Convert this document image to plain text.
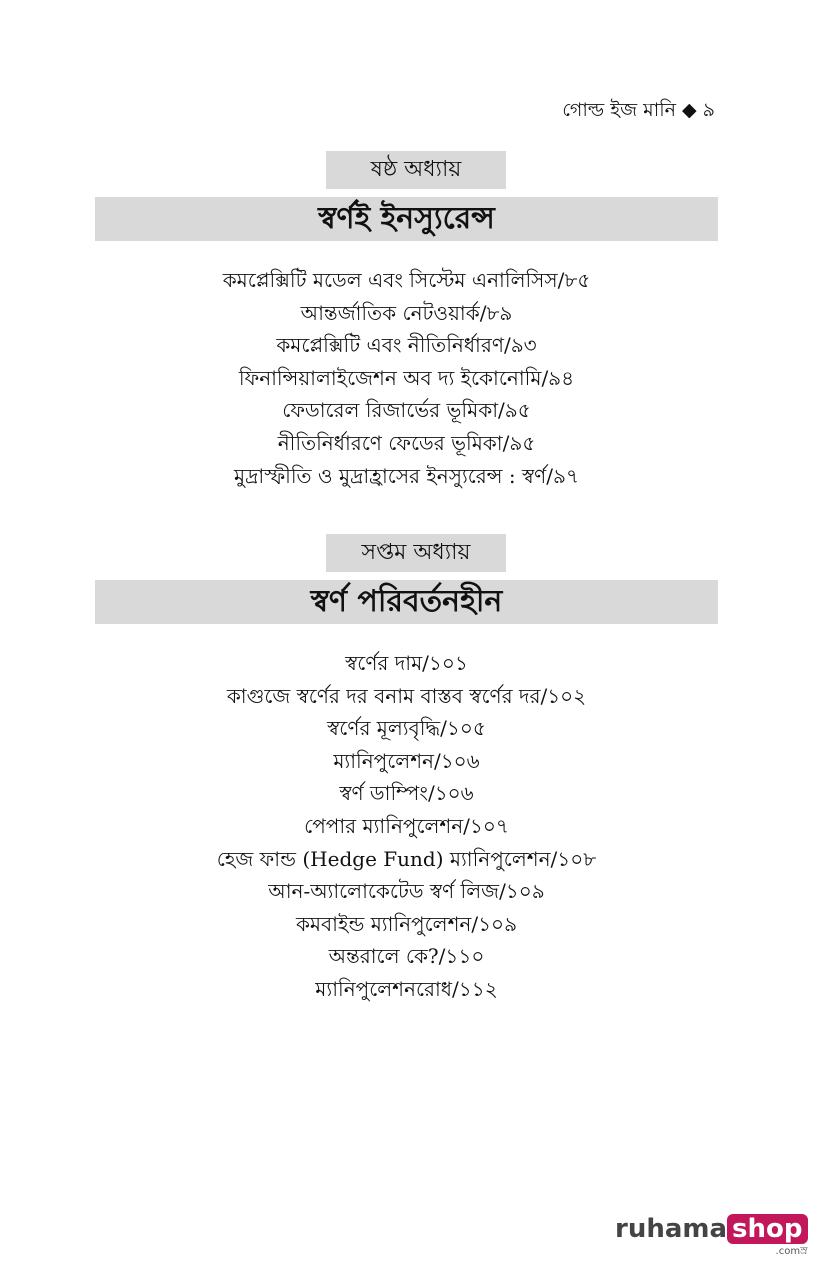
গোল্ড ইজ মানি ◆ ৯
ষষ্ঠ অধ্যায়
স্বর্ণই ইনস্যুরেন্স
কমপ্লেক্সিটি মডেল এবং সিস্টেম এনালিসিস/৮৫
আন্তর্জাতিক নেটওয়ার্ক/৮৯
কমপ্লেক্সিটি এবং নীতিনির্ধারণ/৯৩
ফিনান্সিয়ালাইজেশন অব দ্য ইকোনোমি/৯৪
ফেডারেল রিজার্ভের ভূমিকা/৯৫
নীতিনির্ধারণে ফেডের ভূমিকা/৯৫
মুদ্রাস্ফীতি ও মুদ্রাহ্রাসের ইনস্যুরেন্স : স্বর্ণ/৯৭
সপ্তম অধ্যায়
স্বর্ণ পরিবর্তনহীন
স্বর্ণের দাম/১০১
কাগুজে স্বর্ণের দর বনাম বাস্তব স্বর্ণের দর/১০২
স্বর্ণের মূল্যবৃদ্ধি/১০৫
ম্যানিপুলেশন/১০৬
স্বর্ণ ডাম্পিং/১০৬
পেপার ম্যানিপুলেশন/১০৭
হেজ ফান্ড (Hedge Fund) ম্যানিপুলেশন/১০৮
আন-অ্যালোকেটেড স্বর্ণ লিজ/১০৯
কমবাইন্ড ম্যানিপুলেশন/১০৯
অন্তরালে কে?/১১০
ম্যানিপুলেশনরোধ/১১২
ruhama shop
.comস্র
